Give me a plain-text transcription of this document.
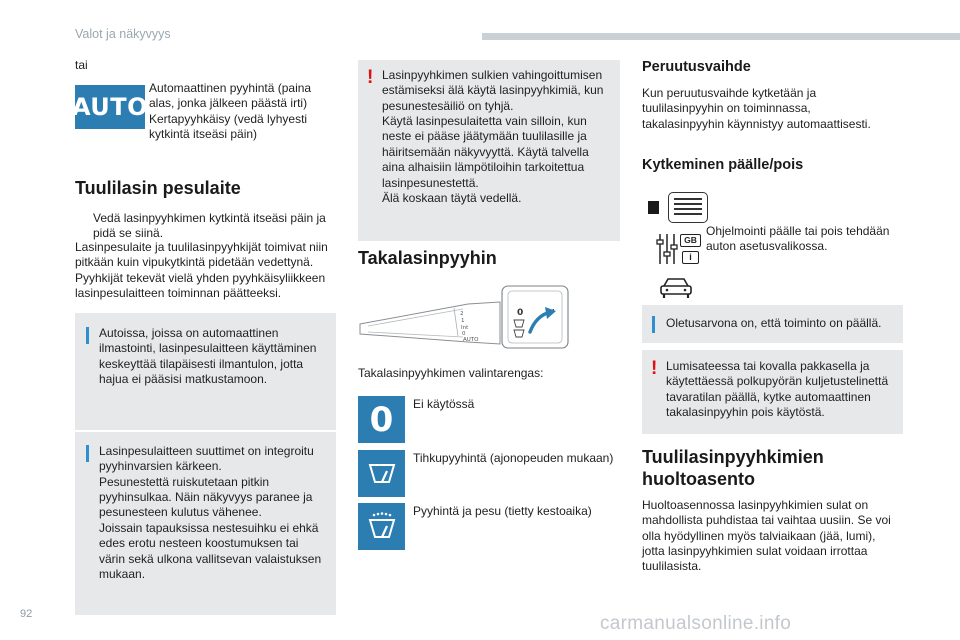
Valot ja näkyvyys
tai
AUTO

Automaattinen pyyhintä (paina

alas, jonka jälkeen päästä irti)

Kertapyyhkäisy (vedä lyhyesti

kytkintä itseäsi päin)

Tuulilasin pesulaite
Vedä lasinpyyhkimen kytkintä itseäsi päin ja
pidä se siinä.

Lasinpesulaite ja tuulilasinpyyhkijät toimivat niin

pitkään kuin vipukytkintä pidetään vedettynä.

Pyyhkijät tekevät vielä yhden pyyhkäisyliikkeen

lasinpesulaitteen toiminnan päätteeksi.

Autoissa, joissa on automaattinen

ilmastointi, lasinpesulaitteen käyttäminen

keskeyttää tilapäisesti ilmantulon, jotta

hajua ei pääsisi matkustamoon.

Lasinpesulaitteen suuttimet on integroitu

pyyhinvarsien kärkeen.

Pesunestettä ruiskutetaan pitkin

pyyhinsulkaa. Näin näkyvyys paranee ja

pesunesteen kulutus vähenee.

Joissain tapauksissa nestesuihku ei ehkä

edes erotu nesteen koostumuksen tai

värin sekä ulkona vallitsevan valaistuksen

mukaan.

! Lasinpyyhkimen sulkien vahingoittumisen

estämiseksi älä käytä lasinpyyhkimiä, kun

pesunestesäiliö on tyhjä.

Käytä lasinpesulaitetta vain silloin, kun

neste ei pääse jäätymään tuulilasille ja

häiritsemään näkyvyyttä. Käytä talvella

aina alhaisiin lämpötiloihin tarkoitettua

lasinpesunestettä.

Älä koskaan täytä vedellä.

Takalasinpyyhin
2
1
Int
0
AUTO
0
Takalasinpyyhkimen valintarengas:
0 Ei käytössä
Tihkupyyhintä (ajonopeuden mukaan)
Pyyhintä ja pesu (tietty kestoaika)
Peruutusvaihde

Kun peruutusvaihde kytketään ja

tuulilasinpyyhin on toiminnassa,

takalasinpyyhin käynnistyy automaattisesti.

Kytkeminen päälle/pois
GB
i

Ohjelmointi päälle tai pois tehdään

auton asetusvalikossa.

Oletusarvona on, että toiminto on päällä.
! Lumisateessa tai kovalla pakkasella ja

käytettäessä polkupyörän kuljetustelinettä

tavaratilan päällä, kytke automaattinen

takalasinpyyhin pois käytöstä.

Tuulilasinpyyhkimien
huoltoasento

Huoltoasennossa lasinpyyhkimien sulat on

mahdollista puhdistaa tai vaihtaa uusiin. Se voi

olla hyödyllinen myös talviaikaan (jää, lumi),

jotta lasinpyyhkimien sulat voidaan irrottaa

tuulilasista.

92	carmanualsonline.info
